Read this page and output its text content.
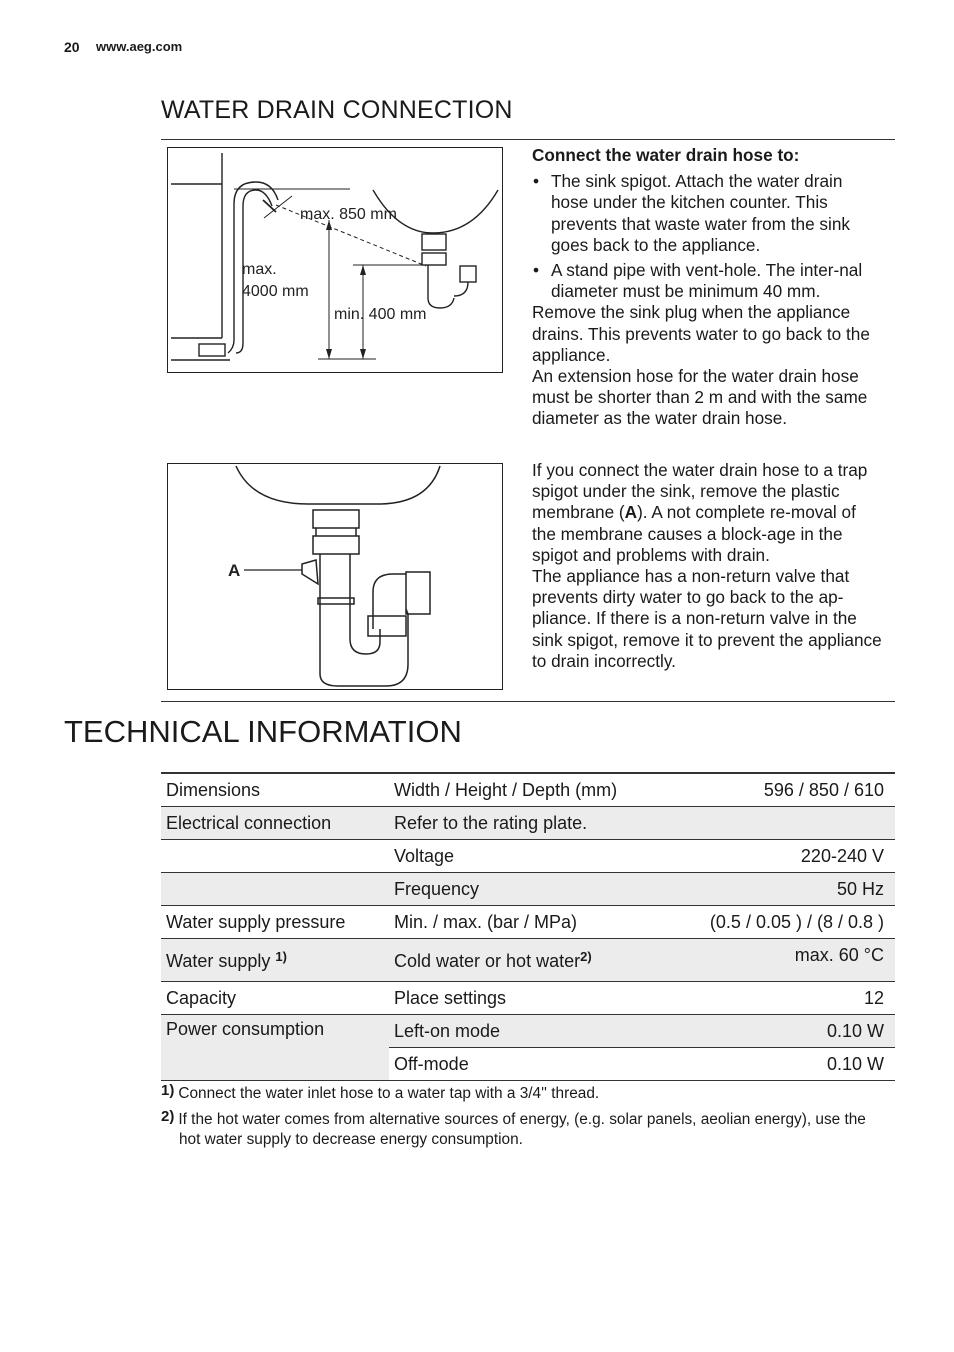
20 www.aeg.com
WATER DRAIN CONNECTION
max. 850 mm
max.
4000 mm
min. 400 mm
A

Connect the water drain hose to:

• The sink spigot. Attach the water drain hose under the kitchen counter. This prevents that waste water from the sink goes back to the appliance.
• A stand pipe with vent-hole. The inter-nal diameter must be minimum 40 mm.

Remove the sink plug when the appliance drains. This prevents water to go back to the appliance.

An extension hose for the water drain hose must be shorter than 2 m and with the same diameter as the water drain hose.

If you connect the water drain hose to a trap spigot under the sink, remove the plastic membrane (A). A not complete re-moval of the membrane causes a block-age in the spigot and problems with drain.

The appliance has a non-return valve that prevents dirty water to go back to the ap-pliance. If there is a non-return valve in the sink spigot, remove it to prevent the appliance to drain incorrectly.

TECHNICAL INFORMATION
Dimensions	Width / Height / Depth (mm)	596 / 850 / 610
Electrical connection	Refer to the rating plate.	
	Voltage	220-240 V
	Frequency	50 Hz
Water supply pressure	Min. / max. (bar / MPa)	(0.5 / 0.05 ) / (8 / 0.8 )
Water supply $^{1)}$	Cold water or hot water$^{2)}$	max. 60 °C
Capacity	Place settings	12
Power consumption	Left-on mode	0.10 W
	Off-mode	0.10 W
1) Connect the water inlet hose to a water tap with a 3/4'' thread.
2) If the hot water comes from alternative sources of energy, (e.g. solar panels, aeolian energy), use the hot water supply to decrease energy consumption.
